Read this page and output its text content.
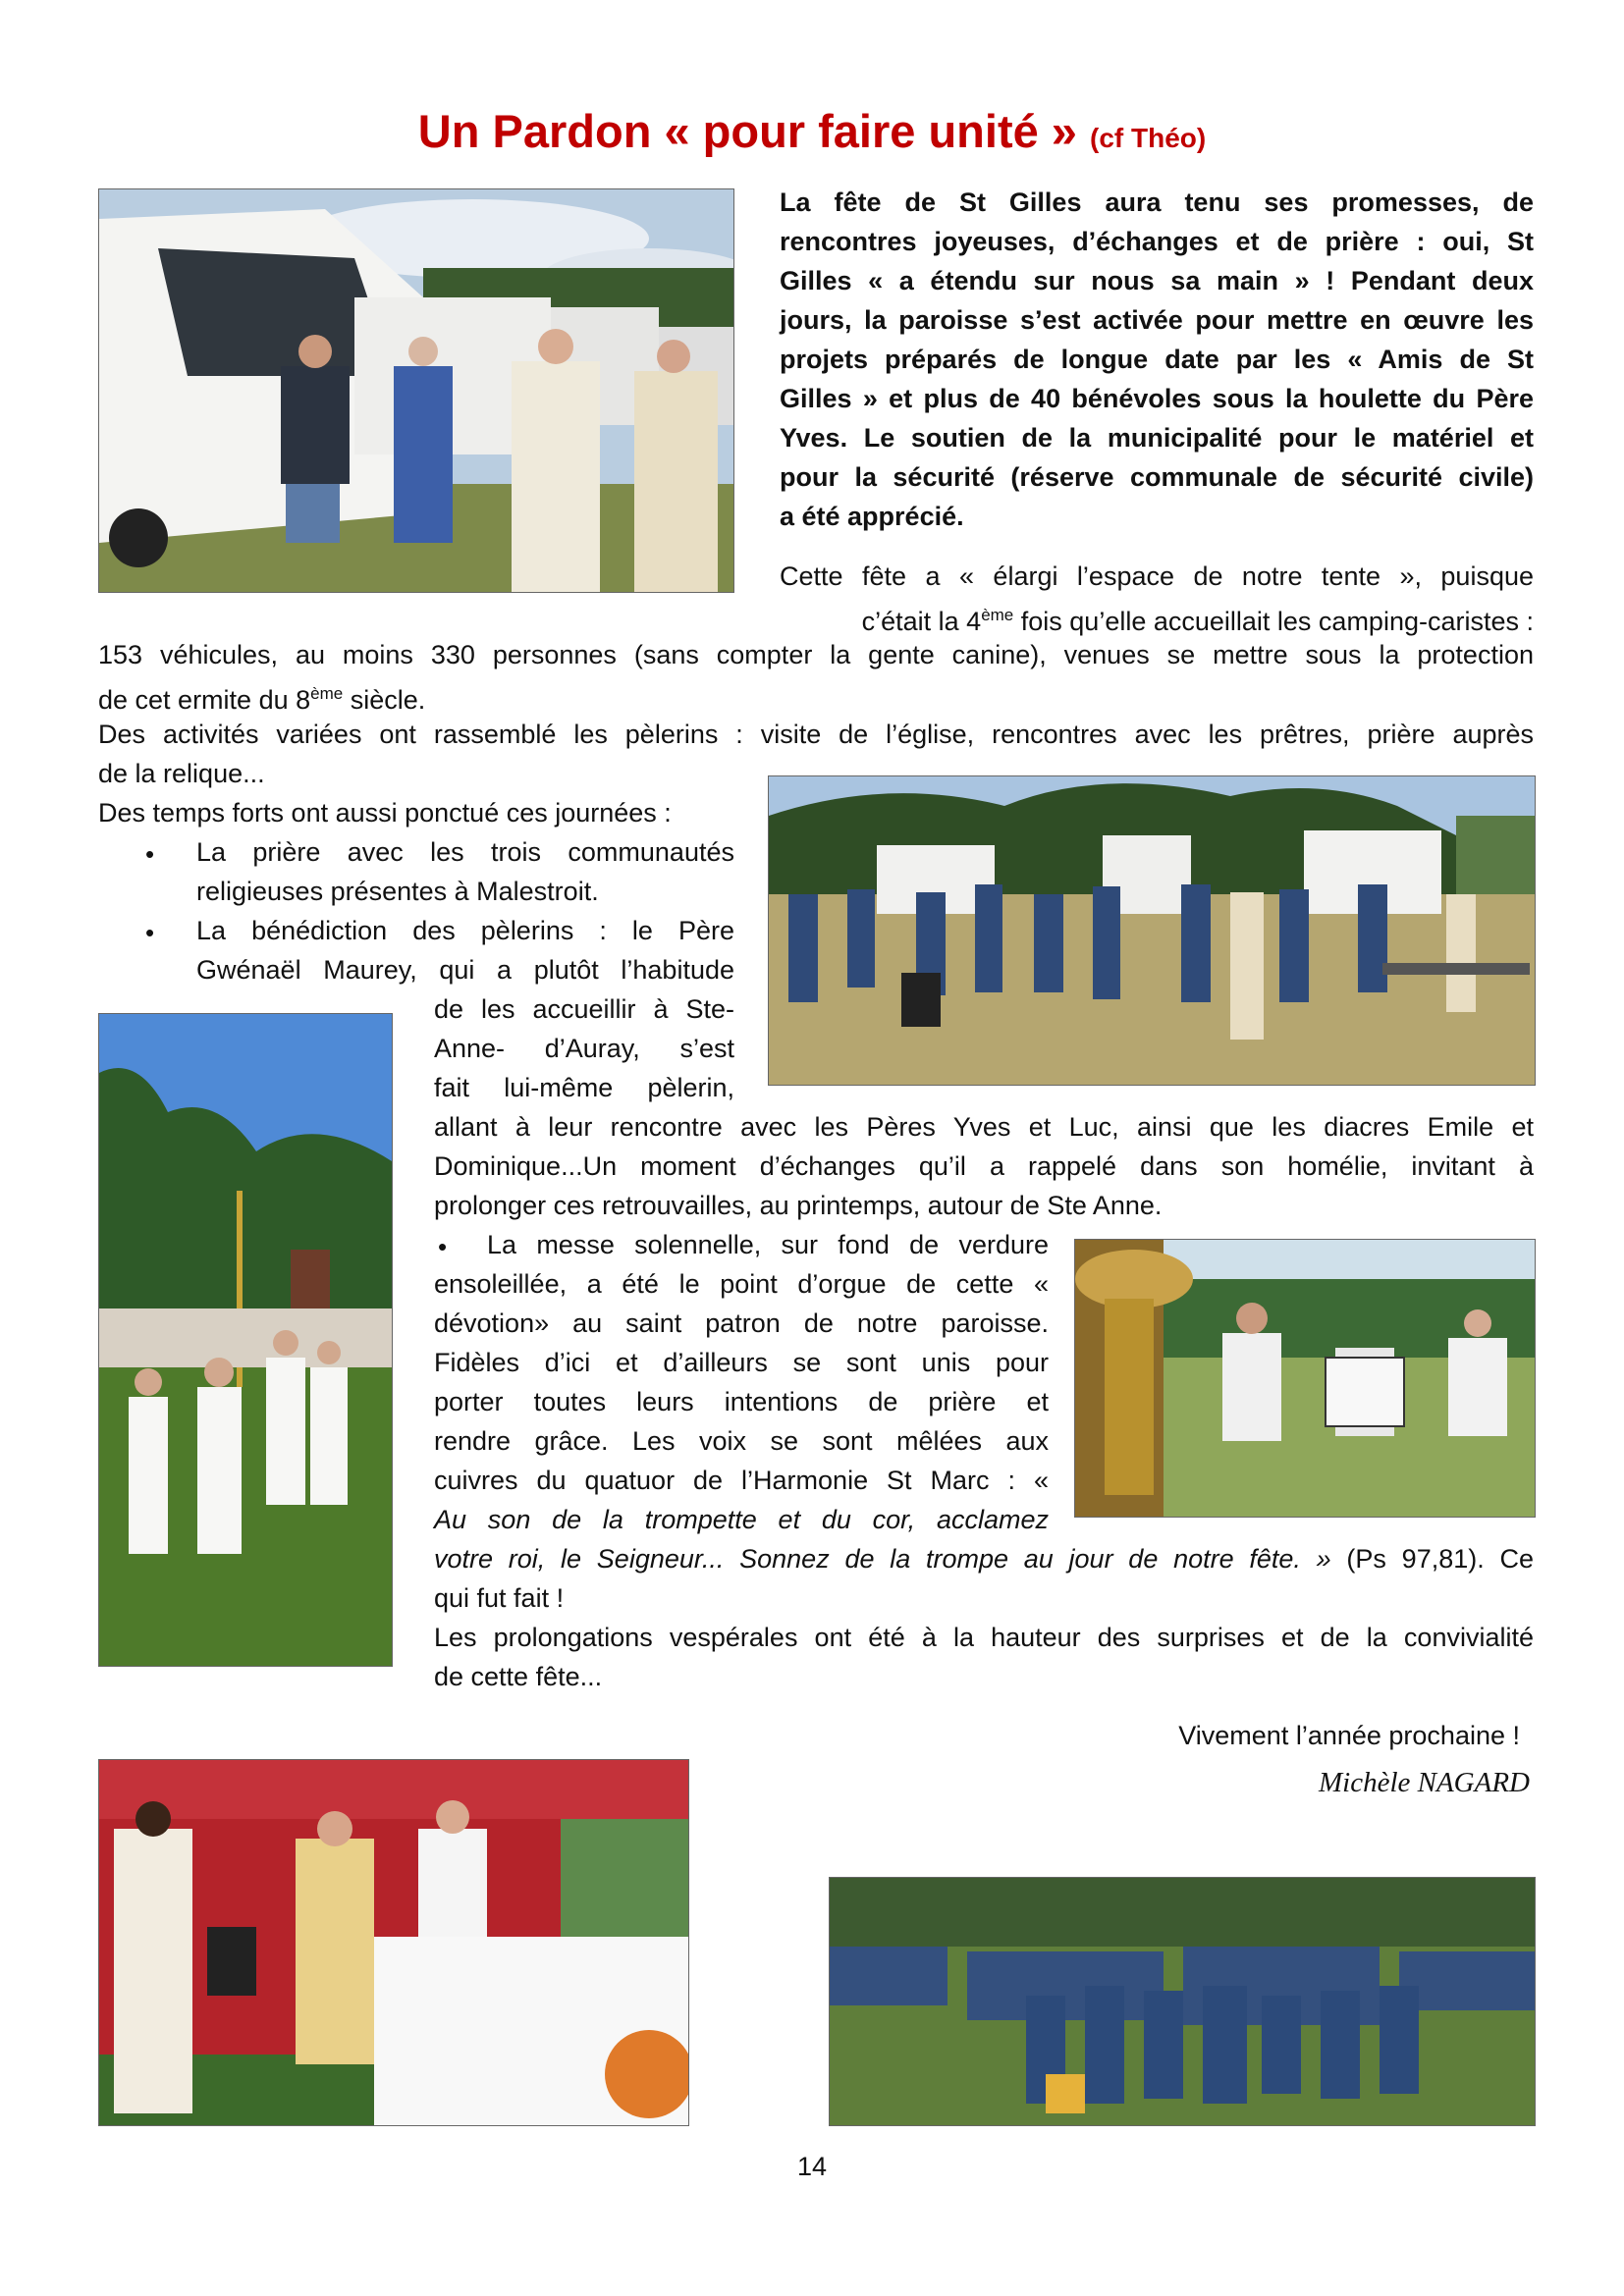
Un Pardon « pour faire unité » (cf Théo)
La fête de St Gilles aura tenu ses promesses, de
rencontres joyeuses, d’échanges et de prière : oui, St
Gilles « a étendu sur nous sa main » ! Pendant deux
jours, la paroisse s’est activée pour mettre en œuvre les
projets préparés de longue date par les « Amis de St
Gilles » et plus de 40 bénévoles sous la houlette du Père
Yves. Le soutien de la municipalité pour le matériel et
pour la sécurité (réserve communale de sécurité civile)
a été apprécié.
Cette fête a « élargi l’espace de notre tente », puisque
c’était la 4ème fois qu’elle accueillait les camping-caristes :
153 véhicules, au moins 330 personnes (sans compter la gente canine), venues se mettre sous la protection
de cet ermite du 8ème siècle.
Des activités variées ont rassemblé les pèlerins : visite de l’église, rencontres avec les prêtres, prière auprès
de la relique...
Des temps forts ont aussi ponctué ces journées :
• La prière avec les trois communautés
religieuses présentes à Malestroit.
• La bénédiction des pèlerins : le Père
Gwénaël Maurey, qui a plutôt l’habitude
de les accueillir à Ste-
Anne- d’Auray, s’est
fait lui-même pèlerin,
allant à leur rencontre avec les Pères Yves et Luc, ainsi que les diacres Emile et
Dominique...Un moment d’échanges qu’il a rappelé dans son homélie, invitant à
prolonger ces retrouvailles, au printemps, autour de Ste Anne.
• La messe solennelle, sur fond de verdure
ensoleillée, a été le point d’orgue de cette «
dévotion» au saint patron de notre paroisse.
Fidèles d’ici et d’ailleurs se sont unis pour
porter toutes leurs intentions de prière et
rendre grâce. Les voix se sont mêlées aux
cuivres du quatuor de l’Harmonie St Marc : «
Au son de la trompette et du cor, acclamez
votre roi, le Seigneur... Sonnez de la trompe au jour de notre fête. » (Ps 97,81). Ce
qui fut fait !
Les prolongations vespérales ont été à la hauteur des surprises et de la convivialité
de cette fête...
Vivement l’année prochaine !
Michèle NAGARD
14
